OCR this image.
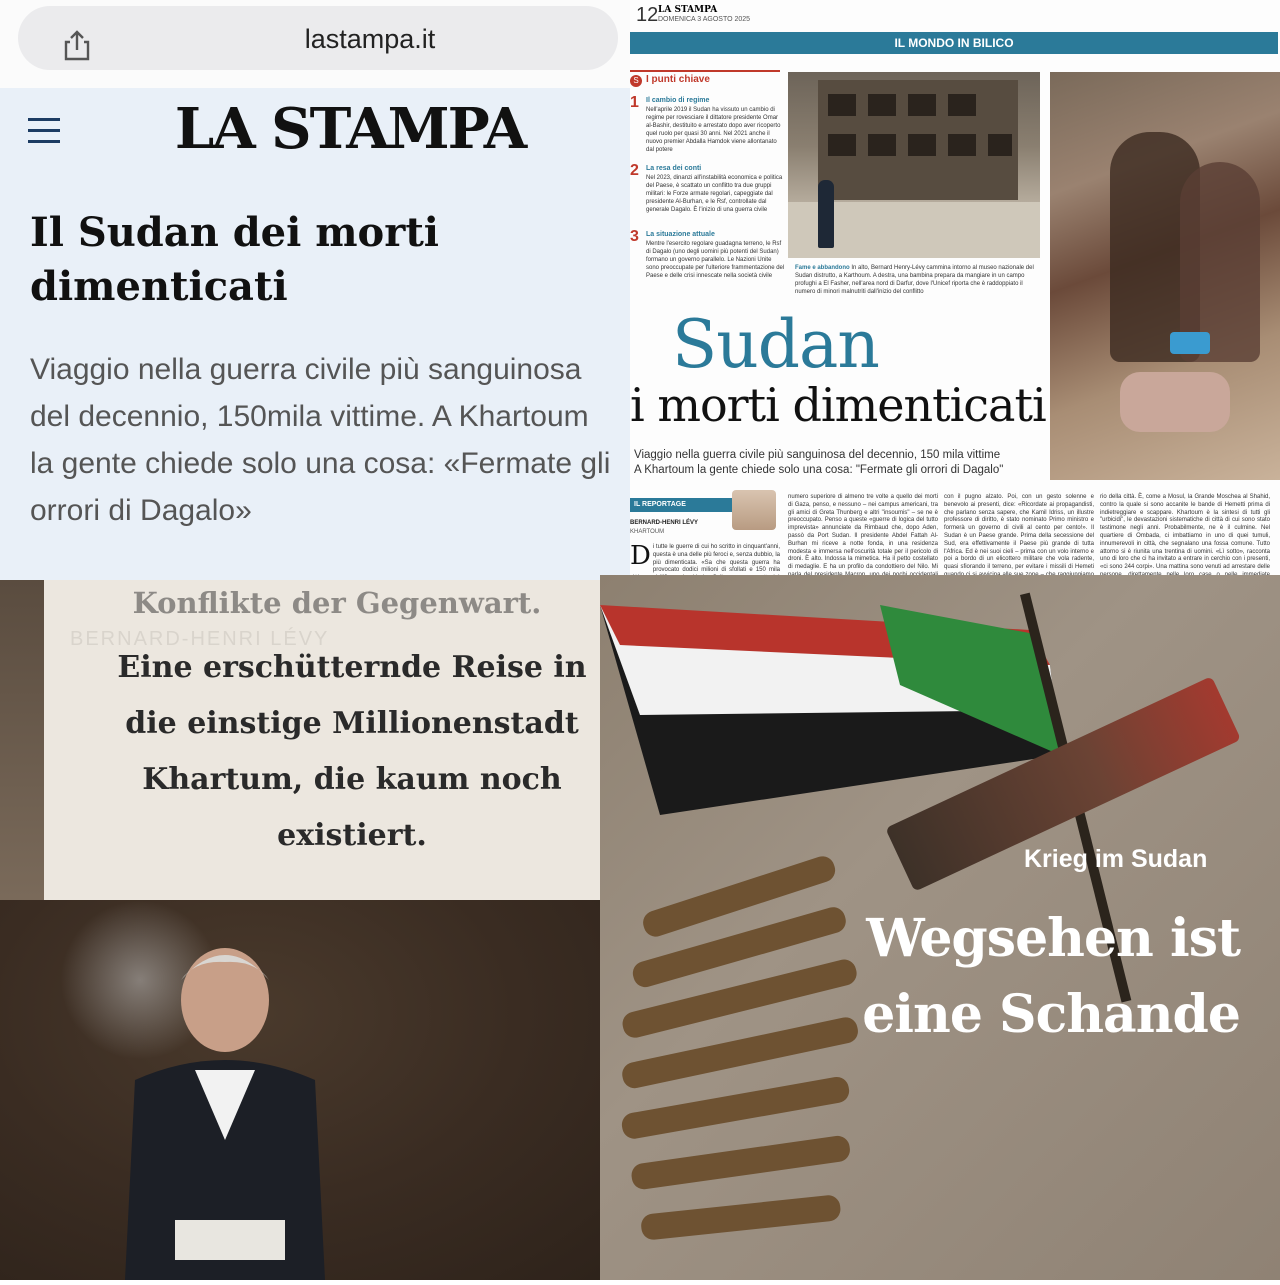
lastampa.it
LA STAMPA
Il Sudan dei morti dimenticati
Viaggio nella guerra civile più sanguinosa del decennio, 150mila vittime. A Khartoum la gente chiede solo una cosa: «Fermate gli orrori di Dagalo»
12 LA STAMPA
DOMENICA 3 AGOSTO 2025
IL MONDO IN BILICO
S I punti chiave
1 Il cambio di regime
Nell'aprile 2019 il Sudan ha vissuto un cambio di regime per rovesciare il dittatore presidente Omar al-Bashir, destituito e arrestato dopo aver ricoperto quel ruolo per quasi 30 anni. Nel 2021 anche il nuovo premier Abdalla Hamdok viene allontanato dal potere
2 La resa dei conti
Nel 2023, dinanzi all'instabilità economica e politica del Paese, è scattato un conflitto tra due gruppi militari: le Forze armate regolari, capeggiate dal presidente Al-Burhan, e le Rsf, controllate dal generale Dagalo. È l'inizio di una guerra civile
3 La situazione attuale
Mentre l'esercito regolare guadagna terreno, le Rsf di Dagalo (uno degli uomini più potenti del Sudan) formano un governo parallelo. Le Nazioni Unite sono preoccupate per l'ulteriore frammentazione del Paese e delle crisi innescate nella società civile
Fame e abbandono In alto, Bernard Henry-Lévy cammina intorno al museo nazionale del Sudan distrutto, a Karthoum. A destra, una bambina prepara da mangiare in un campo profughi a El Fasher, nell'area nord di Darfur, dove l'Unicef riporta che è raddoppiato il numero di minori malnutriti dall'inizio del conflitto
Sudan
i morti dimenticati
Viaggio nella guerra civile più sanguinosa del decennio, 150 mila vittime
A Khartoum la gente chiede solo una cosa: "Fermate gli orrori di Dagalo"
IL REPORTAGE
BERNARD-HENRI LÉVY
KHARTOUM
Di tutte le guerre di cui ho scritto in cinquant'anni, questa è una delle più feroci e, senza dubbio, la più dimenticata. «Sa che questa guerra ha provocato dodici milioni di sfollati e 150 mila
numero superiore di almeno tre volte a quello dei morti di Gaza, penso, e nessuno – nei campus americani, tra gli amici di Greta Thunberg e altri "insoumis" – se ne è preoccupato. Penso a queste «guerre di logica del tutto imprevista» annunciate da Rimbaud che, dopo Aden, passò da Port Sudan. Il presidente Abdel Fattah Al-Burhan mi riceve a notte fonda, in una residenza modesta e immersa nell'oscurità totale per il pericolo di droni. È alto. Indossa la mimetica. Ha il petto costellato di medaglie. E ha un profilo da condottiero del Nilo. Mi
con il pugno alzato. Poi, con un gesto solenne e benevolo ai presenti, dice: «Ricordate ai propagandisti, che parlano senza sapere, che Kamil Idriss, un illustre professore di diritto, è stato nominato Primo ministro e formerà un governo di civili al cento per cento!». Il Sudan è un Paese grande. Prima della secessione del Sud, era effettivamente il Paese più grande di tutta l'Africa. Ed è nei suoi cieli – prima con un volo interno e poi a bordo di un elicottero militare che vola radente, quasi sfiorando il terreno, per evitare i missili di Hemeti
rio della città. È, come a Mosul, la Grande Moschea al Shahid, contro la quale si sono accanite le bande di Hemetti prima di indietreggiare e scappare. Khartoum è la sintesi di tutti gli "urbicidi", le devastazioni sistematiche di città di cui sono stato testimone negli anni. Probabilmente, ne è il culmine. Nel quartiere di Ombada, ci imbattiamo in uno di quei tumuli, innumerevoli in città, che segnalano una fossa comune. Tutto attorno si è riunita una trentina di uomini. «Lì sotto», racconta uno di loro che ci ha invitato a entrare in cerchio con i presenti, «ci sono 244 corpi». Una mattina sono venuti ad arrestare delle
Konflikte der Gegenwart.
BERNARD-HENRI LÉVY
Eine erschütternde Reise in die einstige Millionenstadt Khartum, die kaum noch existiert.
Krieg im Sudan
Wegsehen ist eine Schande
